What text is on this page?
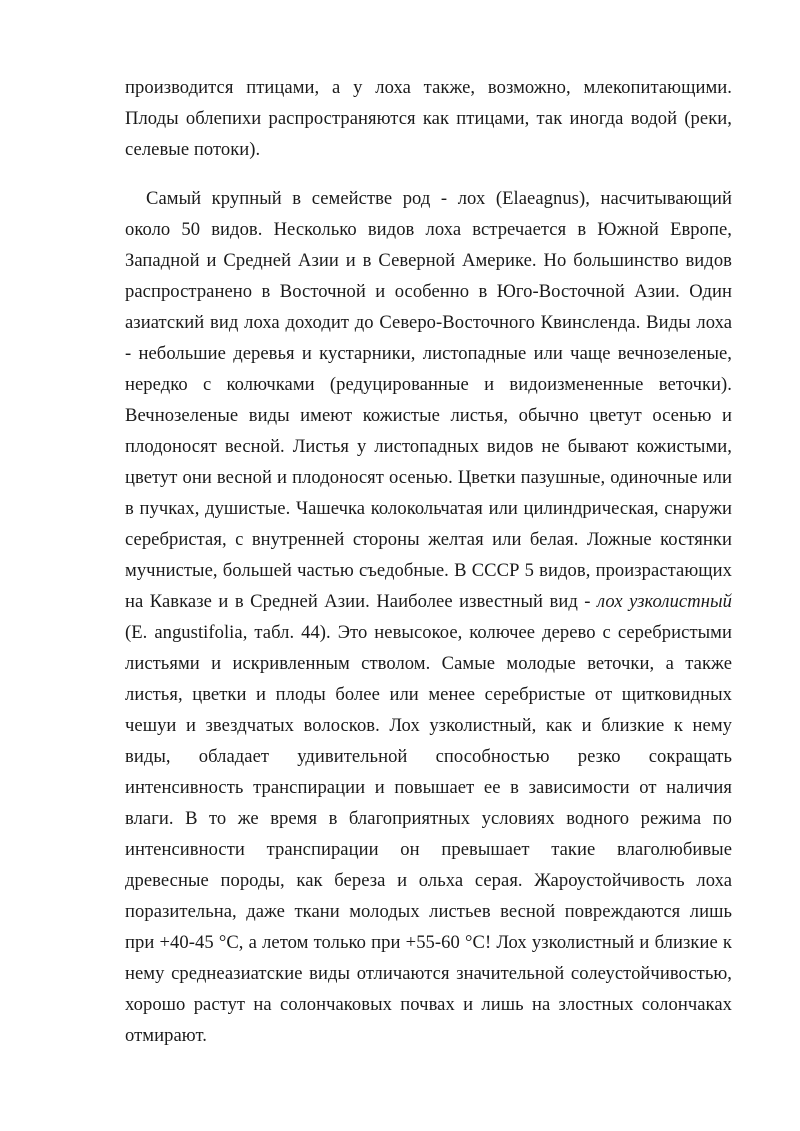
производится птицами, а у лоха также, возможно, млекопитающими. Плоды облепихи распространяются как птицами, так иногда водой (реки, селевые потоки).

Самый крупный в семействе род - лох (Elaeagnus), насчитывающий около 50 видов. Несколько видов лоха встречается в Южной Европе, Западной и Средней Азии и в Северной Америке. Но большинство видов распространено в Восточной и особенно в Юго-Восточной Азии. Один азиатский вид лоха доходит до Северо-Восточного Квинсленда. Виды лоха - небольшие деревья и кустарники, листопадные или чаще вечнозеленые, нередко с колючками (редуцированные и видоизмененные веточки). Вечнозеленые виды имеют кожистые листья, обычно цветут осенью и плодоносят весной. Листья у листопадных видов не бывают кожистыми, цветут они весной и плодоносят осенью. Цветки пазушные, одиночные или в пучках, душистые. Чашечка колокольчатая или цилиндрическая, снаружи серебристая, с внутренней стороны желтая или белая. Ложные костянки мучнистые, большей частью съедобные. В СССР 5 видов, произрастающих на Кавказе и в Средней Азии. Наиболее известный вид - лох узколистный (E. angustifolia, табл. 44). Это невысокое, колючее дерево с серебристыми листьями и искривленным стволом. Самые молодые веточки, а также листья, цветки и плоды более или менее серебристые от щитковидных чешуи и звездчатых волосков. Лох узколистный, как и близкие к нему виды, обладает удивительной способностью резко сокращать интенсивность транспирации и повышает ее в зависимости от наличия влаги. В то же время в благоприятных условиях водного режима по интенсивности транспирации он превышает такие влаголюбивые древесные породы, как береза и ольха серая. Жароустойчивость лоха поразительна, даже ткани молодых листьев весной повреждаются лишь при +40-45 °С, а летом только при +55-60 °С! Лох узколистный и близкие к нему среднеазиатские виды отличаются значительной солеустойчивостью, хорошо растут на солончаковых почвах и лишь на злостных солончаках отмирают.
